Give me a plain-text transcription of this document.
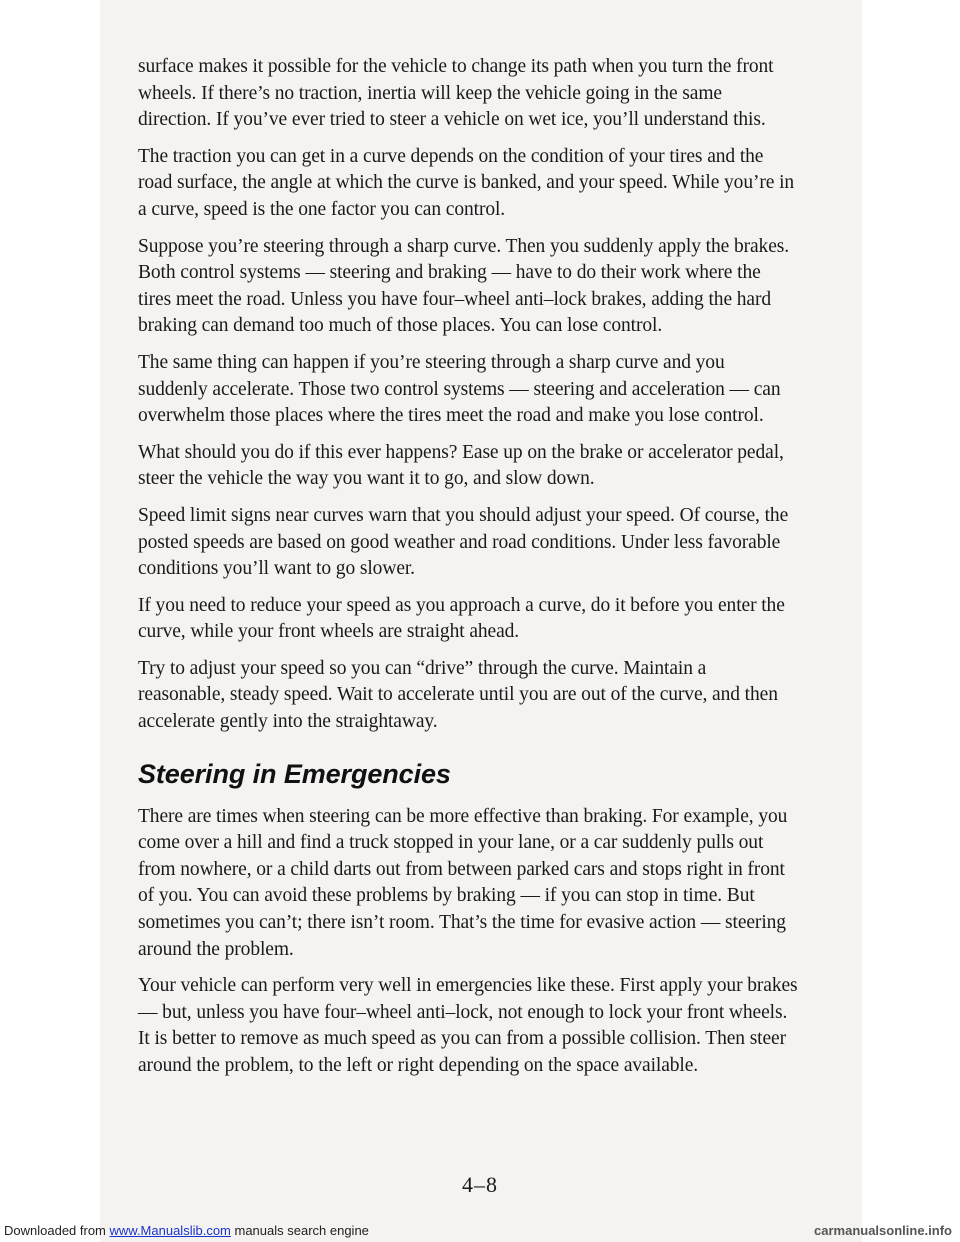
surface makes it possible for the vehicle to change its path when you turn the front wheels. If there’s no traction, inertia will keep the vehicle going in the same direction. If you’ve ever tried to steer a vehicle on wet ice, you’ll understand this.

The traction you can get in a curve depends on the condition of your tires and the road surface, the angle at which the curve is banked, and your speed. While you’re in a curve, speed is the one factor you can control.

Suppose you’re steering through a sharp curve. Then you suddenly apply the brakes. Both control systems — steering and braking — have to do their work where the tires meet the road. Unless you have four–wheel anti–lock brakes, adding the hard braking can demand too much of those places. You can lose control.

The same thing can happen if you’re steering through a sharp curve and you suddenly accelerate. Those two control systems — steering and acceleration — can overwhelm those places where the tires meet the road and make you lose control.

What should you do if this ever happens? Ease up on the brake or accelerator pedal, steer the vehicle the way you want it to go, and slow down.

Speed limit signs near curves warn that you should adjust your speed. Of course, the posted speeds are based on good weather and road conditions. Under less favorable conditions you’ll want to go slower.

If you need to reduce your speed as you approach a curve, do it before you enter the curve, while your front wheels are straight ahead.

Try to adjust your speed so you can “drive” through the curve. Maintain a reasonable, steady speed. Wait to accelerate until you are out of the curve, and then accelerate gently into the straightaway.

Steering in Emergencies

There are times when steering can be more effective than braking. For example, you come over a hill and find a truck stopped in your lane, or a car suddenly pulls out from nowhere, or a child darts out from between parked cars and stops right in front of you. You can avoid these problems by braking — if you can stop in time. But sometimes you can’t; there isn’t room. That’s the time for evasive action — steering around the problem.

Your vehicle can perform very well in emergencies like these. First apply your brakes — but, unless you have four–wheel anti–lock, not enough to lock your front wheels. It is better to remove as much speed as you can from a possible collision. Then steer around the problem, to the left or right depending on the space available.

4–8
Downloaded from www.Manualslib.com manuals search engine	carmanualsonline.info
